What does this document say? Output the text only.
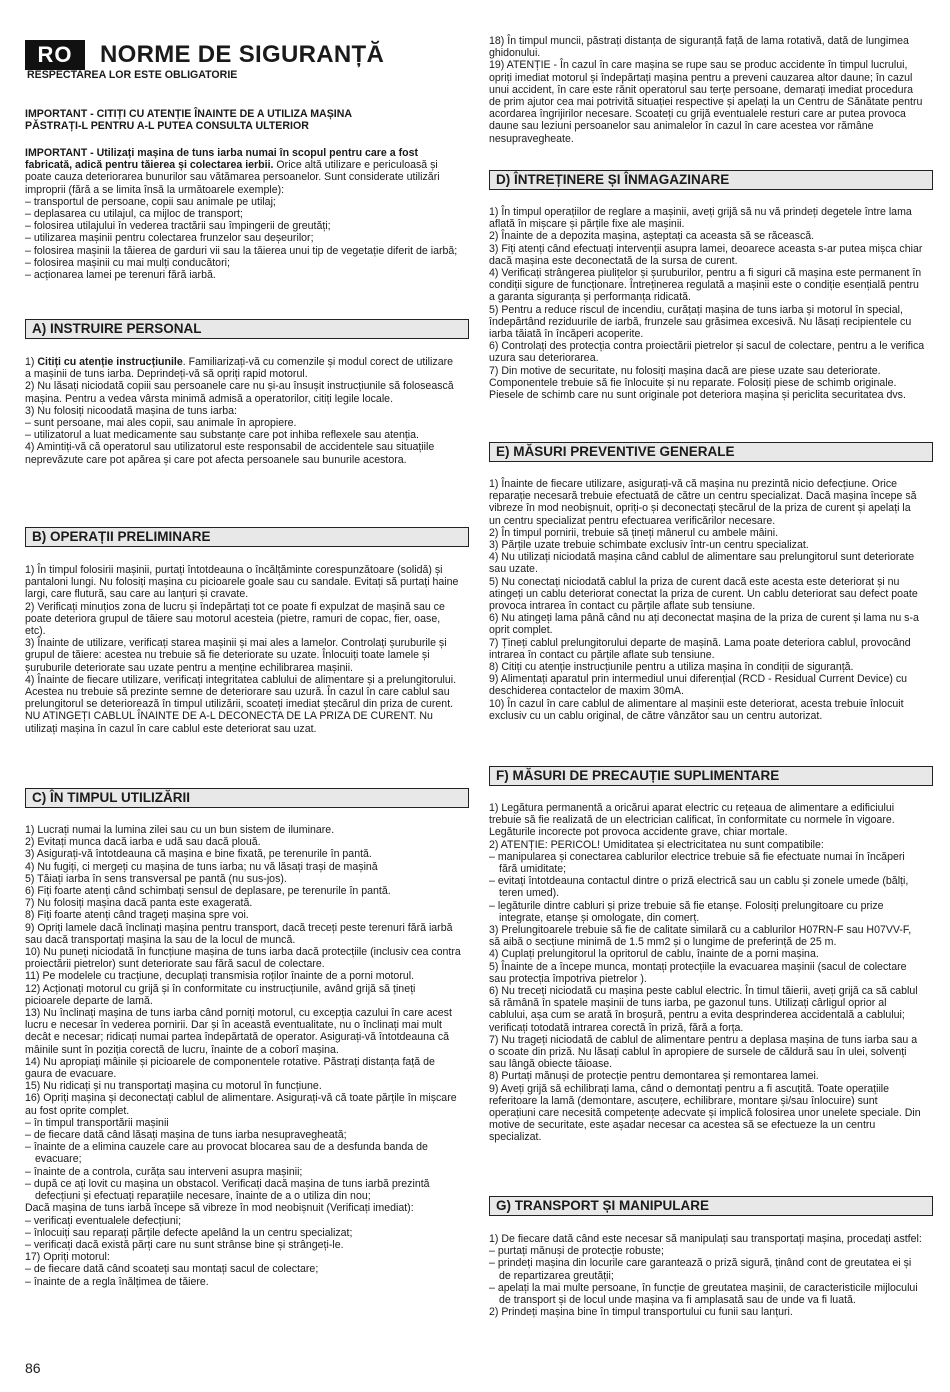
RO	NORME DE SIGURANȚĂ
RESPECTAREA LOR ESTE OBLIGATORIE

IMPORTANT - CITIȚI CU ATENȚIE ÎNAINTE DE A UTILIZA MAȘINA

PĂSTRAȚI-L PENTRU A-L PUTEA CONSULTA ULTERIOR

IMPORTANT - Utilizați mașina de tuns iarba numai în scopul pentru care a fost fabricată, adică pentru tăierea și colectarea ierbii. Orice altă utilizare e periculoasă și poate cauza deteriorarea bunurilor sau vătămarea persoanelor. Sunt considerate utilizări improprii (fără a se limita însă la următoarele exemple):

– transportul de persoane, copii sau animale pe utilaj;

– deplasarea cu utilajul, ca mijloc de transport;

– folosirea utilajului în vederea tractării sau împingerii de greutăți;

– utilizarea mașinii pentru colectarea frunzelor sau deșeurilor;

– folosirea mașinii la tăierea de garduri vii sau la tăierea unui tip de vegetație diferit de iarbă;

– folosirea mașinii cu mai mulți conducători;

– acționarea lamei pe terenuri fără iarbă.

A) INSTRUIRE PERSONAL

1) Citiți cu atenție instrucțiunile. Familiarizați-vă cu comenzile și modul corect de utilizare a mașinii de tuns iarba. Deprindeți-vă să opriți rapid motorul.

2) Nu lăsați niciodată copiii sau persoanele care nu și-au însușit instrucțiunile să folosească mașina. Pentru a vedea vârsta minimă admisă a operatorilor, citiți legile locale.

3) Nu folosiți nicoodată mașina de tuns iarba:

– sunt persoane, mai ales copii, sau animale în apropiere.

– utilizatorul a luat medicamente sau substanțe care pot inhiba reflexele sau atenția.

4) Amintiți-vă că operatorul sau utilizatorul este responsabil de accidentele sau situațiile neprevăzute care pot apărea și care pot afecta persoanele sau bunurile acestora.

B) OPERAȚII PRELIMINARE

1) În timpul folosirii mașinii, purtați întotdeauna o încălțăminte corespunzătoare (solidă) și pantaloni lungi. Nu folosiți mașina cu picioarele goale sau cu sandale. Evitați să purtați haine largi, care flutură, sau care au lanțuri și cravate.

2) Verificați minuțios zona de lucru și îndepărtați tot ce poate fi expulzat de mașină sau ce poate deteriora grupul de tăiere sau motorul acesteia (pietre, ramuri de copac, fier, oase, etc).

3) Înainte de utilizare, verificați starea mașinii și mai ales a lamelor. Controlați șuruburile și grupul de tăiere: acestea nu trebuie să fie deteriorate su uzate. Înlocuiți toate lamele și șuruburile deteriorate sau uzate pentru a menține echilibrarea mașinii.

4) Înainte de fiecare utilizare, verificați integritatea cablului de alimentare și a prelungitorului. Acestea nu trebuie să prezinte semne de deteriorare sau uzură. În cazul în care cablul sau prelungitorul se deteriorează în timpul utilizării, scoateți imediat ștecărul din priza de curent. NU ATINGEȚI CABLUL ÎNAINTE DE A-L DECONECTA DE LA PRIZA DE CURENT. Nu utilizați mașina în cazul în care cablul este deteriorat sau uzat.

C) ÎN TIMPUL UTILIZĂRII

1) Lucrați numai la lumina zilei sau cu un bun sistem de iluminare.

2) Evitați munca dacă iarba e udă sau dacă plouă.

3) Asigurați-vă întotdeauna că mașina e bine fixată, pe terenurile în pantă.

4) Nu fugiți, ci mergeți cu mașina de tuns iarba; nu vă lăsați trași de mașină

5) Tăiați iarba în sens transversal pe pantă (nu sus-jos).

6) Fiți foarte atenți când schimbați sensul de deplasare, pe terenurile în pantă.

7) Nu folosiți mașina dacă panta este exagerată.

8) Fiți foarte atenți când trageți mașina spre voi.

9) Opriți lamele dacă înclinați mașina pentru transport, dacă treceți peste terenuri fără iarbă sau dacă transportați mașina la sau de la locul de muncă.

10) Nu puneți niciodată în funcțiune mașina de tuns iarba dacă protecțiile (inclusiv cea contra proiectării pietrelor) sunt deteriorate sau fără sacul de colectare.

11) Pe modelele cu tracțiune, decuplați transmisia roților înainte de a porni motorul.

12) Acționați motorul cu grijă și în conformitate cu instrucțiunile, având grijă să țineți picioarele departe de lamă.

13) Nu înclinați mașina de tuns iarba când porniți motorul, cu excepția cazului în care acest lucru e necesar în vederea pornirii. Dar și în această eventualitate, nu o înclinați mai mult decât e necesar; ridicați numai partea îndepărtată de operator. Asigurați-vă întotdeauna că mâinile sunt în poziția corectă de lucru, înainte de a coborî mașina.

14) Nu apropiați mâinile și picioarele de componentele rotative. Păstrați distanța față de gaura de evacuare.

15) Nu ridicați și nu transportați mașina cu motorul în funcțiune.

16) Opriți mașina și deconectați cablul de alimentare. Asigurați-vă că toate părțile în mișcare au fost oprite complet.

– în timpul transportării mașinii

– de fiecare dată când lăsați mașina de tuns iarba nesupravegheată;

– înainte de a elimina cauzele care au provocat blocarea sau de a desfunda banda de evacuare;

– înainte de a controla, curăța sau interveni asupra mașinii;

– după ce ați lovit cu mașina un obstacol. Verificați dacă mașina de tuns iarbă prezintă defecțiuni și efectuați reparațiile necesare, înainte de a o utiliza din nou;

Dacă mașina de tuns iarbă începe să vibreze în mod neobișnuit (Verificați imediat):

– verificați eventualele defecțiuni;

– înlocuiți sau reparați părțile defecte apelând la un centru specializat;

– verificați dacă există părți care nu sunt strânse bine și strângeți-le.

17) Opriți motorul:

– de fiecare dată când scoateți sau montați sacul de colectare;

– înainte de a regla înălțimea de tăiere.

86

18) În timpul muncii, păstrați distanța de siguranță față de lama rotativă, dată de lungimea ghidonului.

19) ATENȚIE - În cazul în care mașina se rupe sau se produc accidente în timpul lucrului, opriți imediat motorul și îndepărtați mașina pentru a preveni cauzarea altor daune; în cazul unui accident, în care este rănit operatorul sau terțe persoane, demarați imediat procedura de prim ajutor cea mai potrivită situației respective și apelați la un Centru de Sănătate pentru acordarea îngrijirilor necesare. Scoateți cu grijă eventualele resturi care ar putea provoca daune sau leziuni persoanelor sau animalelor în cazul în care acestea vor rămâne nesupravegheate.

D) ÎNTREȚINERE ȘI ÎNMAGAZINARE

1) În timpul operațiilor de reglare a mașinii, aveți grijă să nu vă prindeți degetele între lama aflată în mișcare și părțile fixe ale mașinii.

2) Înainte de a depozita mașina, așteptați ca aceasta să se răcească.

3) Fiți atenți când efectuați intervenții asupra lamei, deoarece aceasta s-ar putea mișca chiar dacă mașina este deconectată de la sursa de curent.

4) Verificați strângerea piulițelor și șuruburilor, pentru a fi siguri că mașina este permanent în condiții sigure de funcționare. Întreținerea regulată a mașinii este o condiție esențială pentru a garanta siguranța și performanța ridicată.

5) Pentru a reduce riscul de incendiu, curățați mașina de tuns iarba și motorul în special, îndepărtând reziduurile de iarbă, frunzele sau grăsimea excesivă. Nu lăsați recipientele cu iarba tăiată în încăperi acoperite.

6) Controlați des protecția contra proiectării pietrelor și sacul de colectare, pentru a le verifica uzura sau deteriorarea.

7) Din motive de securitate, nu folosiți mașina dacă are piese uzate sau deteriorate. Componentele trebuie să fie înlocuite și nu reparate. Folosiți piese de schimb originale. Piesele de schimb care nu sunt originale pot deteriora mașina și periclita securitatea dvs.

E) MĂSURI PREVENTIVE GENERALE

1) Înainte de fiecare utilizare, asigurați-vă că mașina nu prezintă nicio defecțiune. Orice reparație necesară trebuie efectuată de către un centru specializat. Dacă mașina începe să vibreze în mod neobișnuit, opriți-o și deconectați ștecărul de la priza de curent și apelați la un centru specializat pentru efectuarea verificărilor necesare.

2) În timpul pornirii, trebuie să țineți mânerul cu ambele mâini.

3) Părțile uzate trebuie schimbate exclusiv într-un centru specializat.

4) Nu utilizați niciodată mașina când cablul de alimentare sau prelungitorul sunt deteriorate sau uzate.

5) Nu conectați niciodată cablul la priza de curent dacă este acesta este deteriorat și nu atingeți un cablu deteriorat conectat la priza de curent. Un cablu deteriorat sau defect poate provoca intrarea în contact cu părțile aflate sub tensiune.

6) Nu atingeți lama până când nu ați deconectat mașina de la priza de curent și lama nu s-a oprit complet.

7) Țineți cablul prelungitorului departe de mașină. Lama poate deteriora cablul, provocând intrarea în contact cu părțile aflate sub tensiune.

8) Citiți cu atenție instrucțiunile pentru a utiliza mașina în condiții de siguranță.

9) Alimentați aparatul prin intermediul unui diferențial (RCD - Residual Current Device) cu deschiderea contactelor de maxim 30mA.

10) În cazul în care cablul de alimentare al mașinii este deteriorat, acesta trebuie înlocuit exclusiv cu un cablu original, de către vânzător sau un centru autorizat.

F) MĂSURI DE PRECAUȚIE SUPLIMENTARE

1) Legătura permanentă a oricărui aparat electric cu rețeaua de alimentare a edificiului trebuie să fie realizată de un electrician calificat, în conformitate cu normele în vigoare. Legăturile incorecte pot provoca accidente grave, chiar mortale.

2) ATENȚIE: PERICOL! Umiditatea și electricitatea nu sunt compatibile:

– manipularea și conectarea cablurilor electrice trebuie să fie efectuate numai în încăperi fără umiditate;

– evitați întotdeauna contactul dintre o priză electrică sau un cablu și zonele umede (bălți, teren umed).

– legăturile dintre cabluri și prize trebuie să fie etanșe. Folosiți prelungitoare cu prize integrate, etanșe și omologate, din comerț.

3) Prelungitoarele trebuie să fie de calitate similară cu a cablurilor H07RN-F sau H07VV-F, să aibă o secțiune minimă de 1.5 mm2 și o lungime de preferință de 25 m.

4) Cuplați prelungitorul la opritorul de cablu, înainte de a porni mașina.

5) Înainte de a începe munca, montați protecțiile la evacuarea mașinii (sacul de colectare sau protecția împotriva pietrelor ).

6) Nu treceți niciodată cu mașina peste cablul electric. În timul tăierii, aveți grijă ca să cablul să rămână în spatele mașinii de tuns iarba, pe gazonul tuns. Utilizați cârligul oprior al cablului, așa cum se arată în broșură, pentru a evita desprinderea accidentală a cablului; verificați totodată intrarea corectă în priză, fără a forța.

7) Nu trageți niciodată de cablul de alimentare pentru a deplasa mașina de tuns iarba sau a o scoate din priză. Nu lăsați cablul în apropiere de sursele de căldură sau în ulei, solvenți sau lângă obiecte tăioase.

8) Purtați mănuși de protecție pentru demontarea și remontarea lamei.

9) Aveți grijă să echilibrați lama, când o demontați pentru a fi ascuțită. Toate operațiile referitoare la lamă (demontare, ascuțere, echilibrare, montare și/sau înlocuire) sunt operațiuni care necesită competențe adecvate și implică folosirea unor unelete speciale. Din motive de securitate, este așadar necesar ca acestea să se efectueze la un centru specializat.

G) TRANSPORT ȘI MANIPULARE

1) De fiecare dată când este necesar să manipulați sau transportați mașina, procedați astfel:

– purtați mănuși de protecție robuste;

– prindeți mașina din locurile care garantează o priză sigură, ținând cont de greutatea ei și de repartizarea greutății;

– apelați la mai multe persoane, în funcție de greutatea mașinii, de caracteristicile mijlocului de transport și de locul unde mașina va fi amplasată sau de unde va fi luată.

2) Prindeți mașina bine în timpul transportului cu funii sau lanțuri.
